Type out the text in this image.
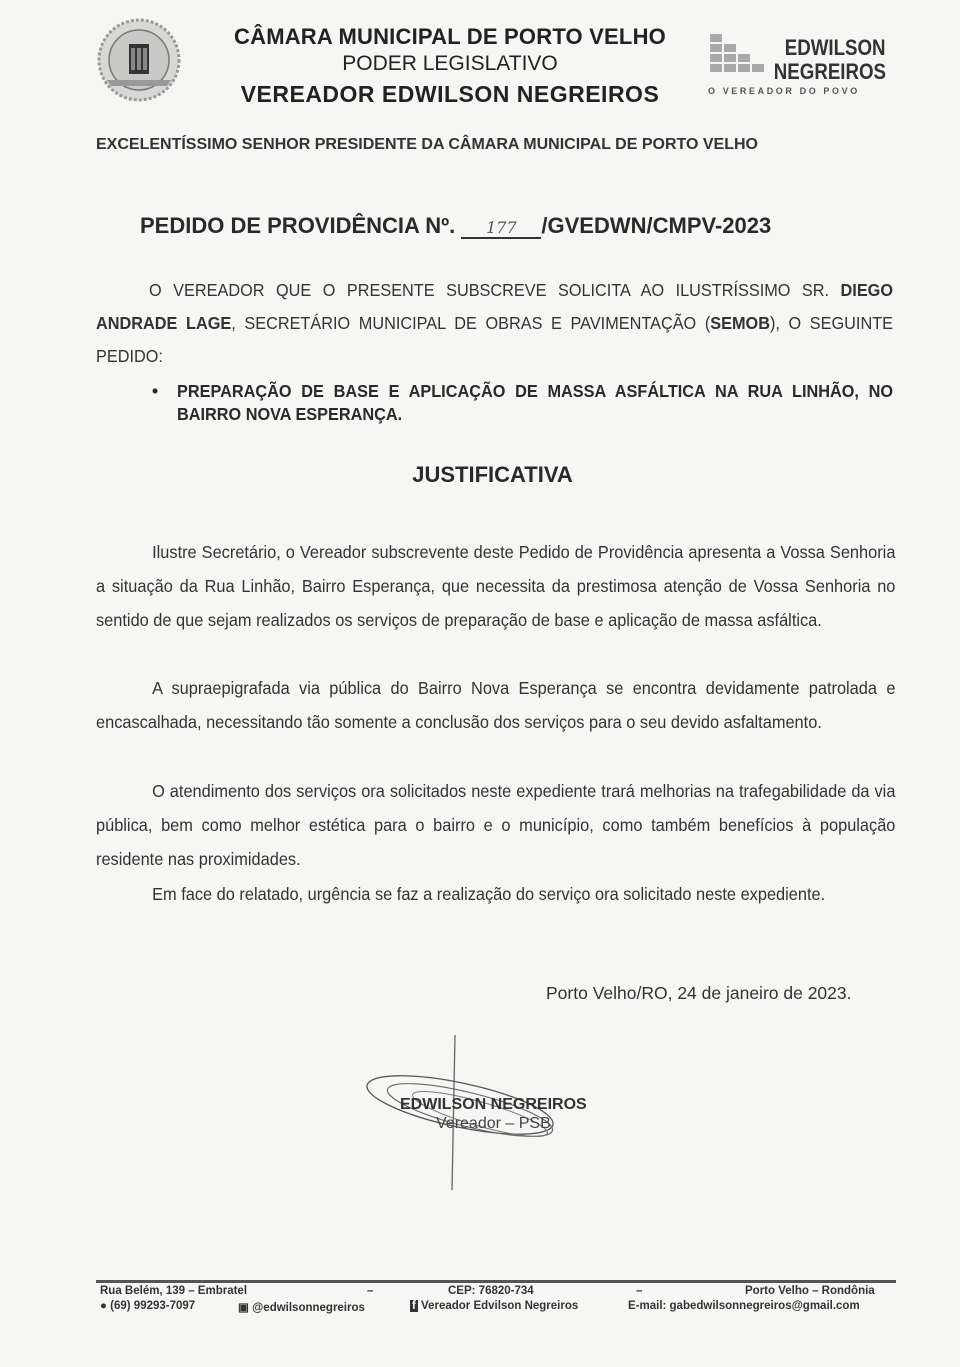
CÂMARA MUNICIPAL DE PORTO VELHO
PODER LEGISLATIVO
VEREADOR EDWILSON NEGREIROS
EDWILSON
NEGREIROS
O VEREADOR DO POVO
EXCELENTÍSSIMO SENHOR PRESIDENTE DA CÂMARA MUNICIPAL DE PORTO VELHO
PEDIDO DE PROVIDÊNCIA Nº. 177 /GVEDWN/CMPV-2023
O VEREADOR QUE O PRESENTE SUBSCREVE SOLICITA AO ILUSTRÍSSIMO SR. DIEGO ANDRADE LAGE, SECRETÁRIO MUNICIPAL DE OBRAS E PAVIMENTAÇÃO (SEMOB), O SEGUINTE PEDIDO:
• PREPARAÇÃO DE BASE E APLICAÇÃO DE MASSA ASFÁLTICA NA RUA LINHÃO, NO BAIRRO NOVA ESPERANÇA.
JUSTIFICATIVA
Ilustre Secretário, o Vereador subscrevente deste Pedido de Providência apresenta a Vossa Senhoria a situação da Rua Linhão, Bairro Esperança, que necessita da prestimosa atenção de Vossa Senhoria no sentido de que sejam realizados os serviços de preparação de base e aplicação de massa asfáltica.
A supraepigrafada via pública do Bairro Nova Esperança se encontra devidamente patrolada e encascalhada, necessitando tão somente a conclusão dos serviços para o seu devido asfaltamento.
O atendimento dos serviços ora solicitados neste expediente trará melhorias na trafegabilidade da via pública, bem como melhor estética para o bairro e o município, como também benefícios à população residente nas proximidades.
Em face do relatado, urgência se faz a realização do serviço ora solicitado neste expediente.
Porto Velho/RO, 24 de janeiro de 2023.
EDWILSON NEGREIROS
Vereador – PSB
Rua Belém, 139 – Embratel	–	CEP: 76820-734	–	Porto Velho – Rondônia
● (69) 99293-7097	▣ @edwilsonnegreiros	f Vereador Edvilson Negreiros	E-mail: gabedwilsonnegreiros@gmail.com
